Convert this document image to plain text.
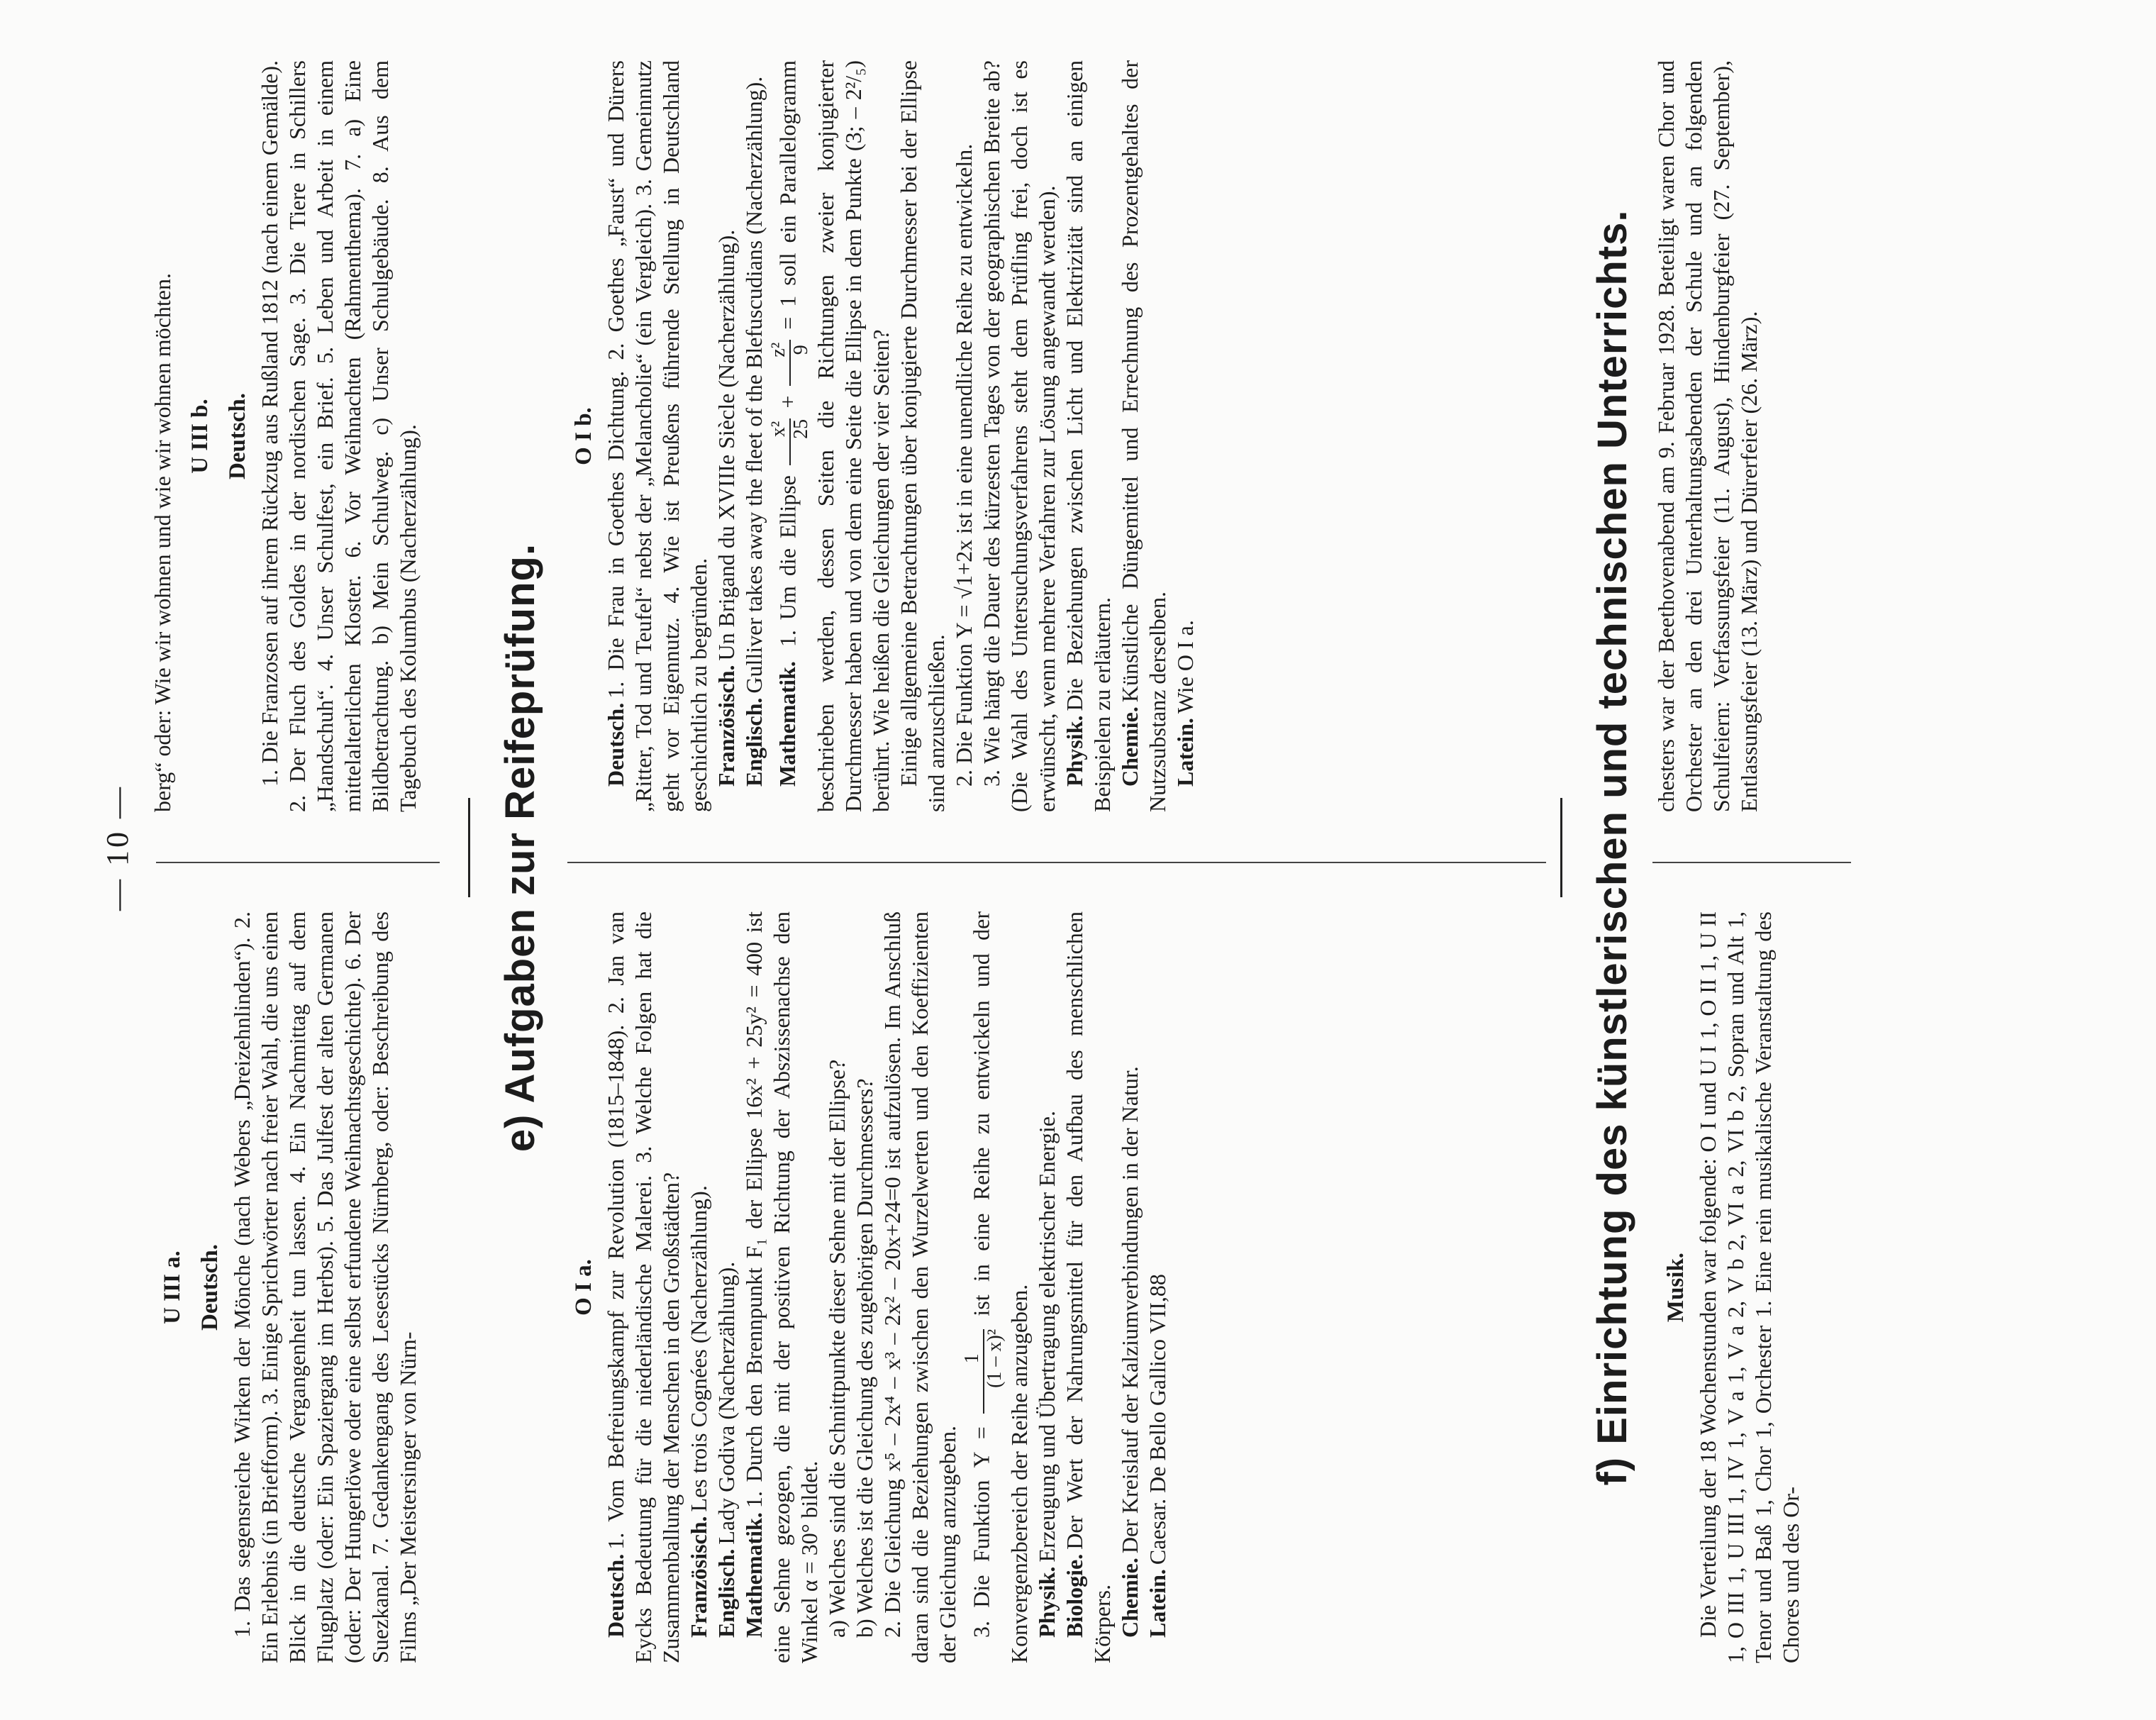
— 10 —
U III a. Deutsch. 1. Das segensreiche Wirken der Mönche (nach Webers „Dreizehnlinden“). 2. Ein Erlebnis (in Briefform). 3. Einige Sprichwörter nach freier Wahl, die uns einen Blick in die deutsche Vergangenheit tun lassen. 4. Ein Nachmittag auf dem Flugplatz (oder: Ein Spaziergang im Herbst). 5. Das Julfest der alten Germanen (oder: Der Hungerlöwe oder eine selbst erfundene Weihnachtsgeschichte). 6. Der Suezkanal. 7. Gedankengang des Lesestücks Nürnberg, oder: Beschreibung des Films „Der Meistersinger von Nürn-

berg“ oder: Wie wir wohnen und wie wir wohnen möchten. U III b. Deutsch. 1. Die Franzosen auf ihrem Rückzug aus Rußland 1812 (nach einem Gemälde). 2. Der Fluch des Goldes in der nordischen Sage. 3. Die Tiere in Schillers „Handschuh“. 4. Unser Schulfest, ein Brief. 5. Leben und Arbeit in einem mittelalterlichen Kloster. 6. Vor Weihnachten (Rahmenthema). 7. a) Eine Bildbetrachtung. b) Mein Schulweg. c) Unser Schulgebäude. 8. Aus dem Tagebuch des Kolumbus (Nacherzählung). e) Aufgaben zur Reifeprüfung.
O I a.

Deutsch.1. Vom Befreiungskampf zur Revolution (1815–1848). 2. Jan van Eycks Bedeutung für die niederländische Malerei. 3. Welche Folgen hat die Zusammenballung der Menschen in den Großstädten? Französisch.Les trois Cognées (Nacherzählung).

Englisch.Lady Godiva (Nacherzählung).

Mathematik.1. Durch den Brennpunkt F₁ der Ellipse 16x² + 25y² = 400 ist eine Sehne gezogen, die mit der positiven Richtung der Abszissenachse den Winkel α = 30° bildet. a) Welches sind die Schnittpunkte dieser Sehne mit der Ellipse? b) Welches ist die Gleichung des zugehörigen Durchmessers? 2. Die Gleichung x⁵ – 2x⁴ – x³ – 2x² – 20x+24=0 ist aufzulösen. Im Anschluß daran sind die Beziehungen zwischen den Wurzelwerten und den Koeffizienten der Gleichung anzugeben. 3. Die Funktion Y =
1 (1 – x)²
ist in eine Reihe zu entwickeln und der Konvergenzbereich der Reihe anzugeben. Physik.Erzeugung und Übertragung elektrischer Energie.

Biologie.Der Wert der Nahrungsmittel für den Aufbau des menschlichen Körpers. Chemie.Der Kreislauf der Kalziumverbindungen in der Natur.

Latein.Caesar. De Bello Gallico VII,88

O I b.

Deutsch.1. Die Frau in Goethes Dichtung. 2. Goethes „Faust“ und Dürers „Ritter, Tod und Teufel“ nebst der „Melancholie“ (ein Vergleich). 3. Gemeinnutz geht vor Eigennutz. 4. Wie ist Preußens führende Stellung in Deutschland geschichtlich zu begründen. Französisch.Un Brigand du XVIIIe Siècle (Nacherzählung).

Englisch.Gulliver takes away the fleet of the Blefuscudians (Nacherzählung).

Mathematik. 1. Um die Ellipse
x² 25
+
z² 9
= 1 soll ein Parallelogramm beschrieben werden, dessen Seiten die Richtungen zweier konjugierter Durchmesser haben und von dem eine Seite die Ellipse in dem Punkte (3; – 2²/₅) berührt. Wie heißen die Gleichungen der vier Seiten? Einige allgemeine Betrachtungen über konjugierte Durchmesser bei der Ellipse sind anzuschließen. 2. Die Funktion Y = √1+2x ist in eine unendliche Reihe zu entwickeln. 3. Wie hängt die Dauer des kürzesten Tages von der geographischen Breite ab? (Die Wahl des Untersuchungsverfahrens steht dem Prüfling frei, doch ist es erwünscht, wenn mehrere Verfahren zur Lösung angewandt werden). Physik.Die Beziehungen zwischen Licht und Elektrizität sind an einigen Beispielen zu erläutern. Chemie.Künstliche Düngemittel und Errechnung des Prozentgehaltes der Nutzsubstanz derselben. Latein.Wie O I a.	f) Einrichtung des künstlerischen und technischen Unterrichts. Musik. Die Verteilung der 18 Wochenstunden war folgende: O I und U I 1, O II 1, U II 1, O III 1, U III 1, IV 1, V a 1, V a 2, V b 2, VI a 2, VI b 2, Sopran und Alt 1, Tenor und Baß 1, Chor 1, Orchester 1. Eine rein musikalische Veranstaltung des Chores und des Or-

chesters war der Beethovenabend am 9. Februar 1928. Beteiligt waren Chor und Orchester an den drei Unterhaltungsabenden der Schule und an folgenden Schulfeiern: Verfassungsfeier (11. August), Hindenburgfeier (27. September), Entlassungsfeier (13. März) und Dürerfeier (26. März).
